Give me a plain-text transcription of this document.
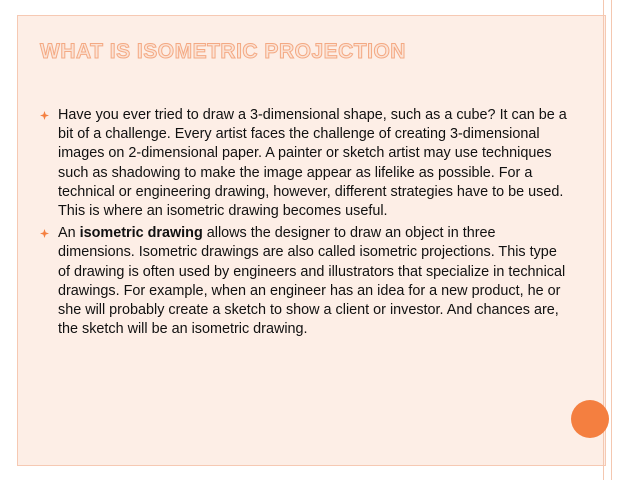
WHAT IS ISOMETRIC PROJECTION

Have you ever tried to draw a 3-dimensional shape, such as a cube? It can be a bit of a challenge. Every artist faces the challenge of creating 3-dimensional images on 2-dimensional paper. A painter or sketch artist may use techniques such as shadowing to make the image appear as lifelike as possible. For a technical or engineering drawing, however, different strategies have to be used. This is where an isometric drawing becomes useful.

An isometric drawing allows the designer to draw an object in three dimensions. Isometric drawings are also called isometric projections. This type of drawing is often used by engineers and illustrators that specialize in technical drawings. For example, when an engineer has an idea for a new product, he or she will probably create a sketch to show a client or investor. And chances are, the sketch will be an isometric drawing.
